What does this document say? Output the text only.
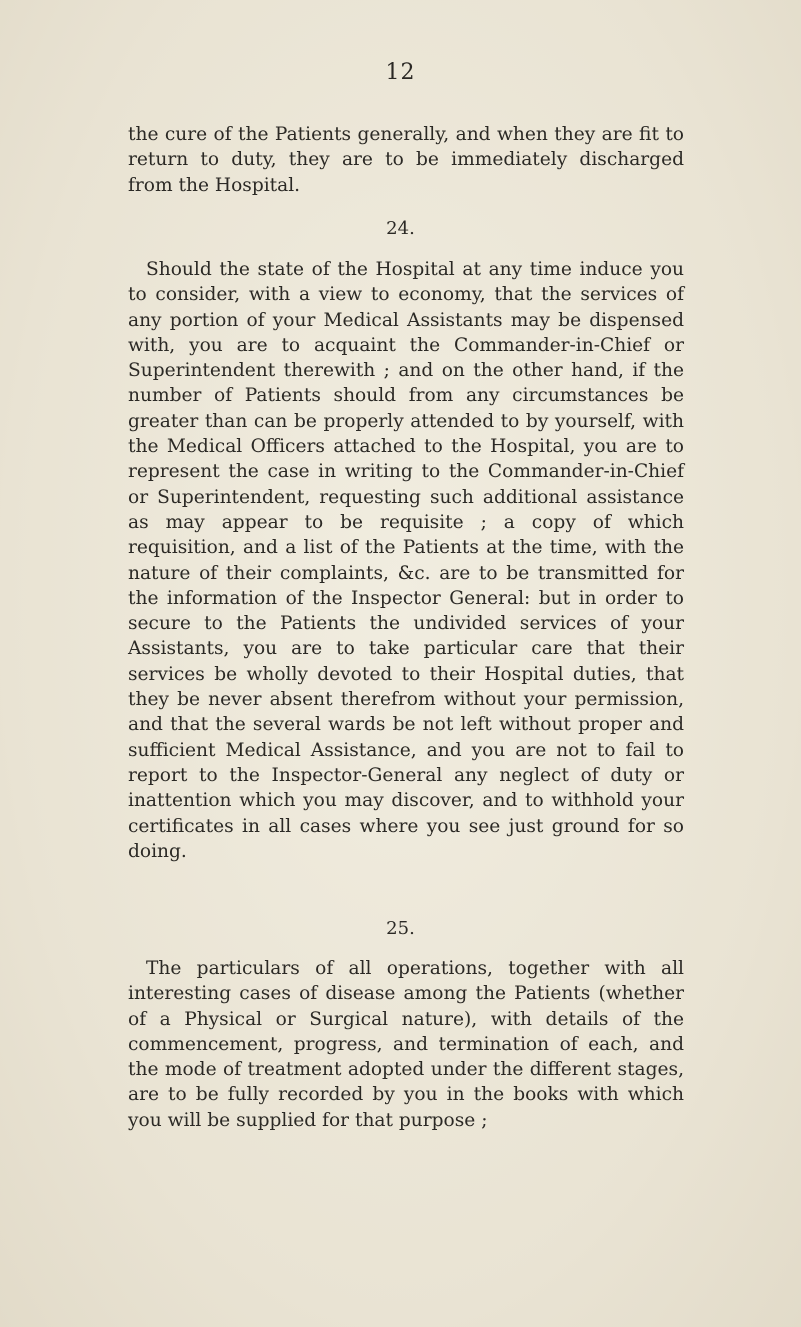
12

the cure of the Patients generally, and when they are fit to return to duty, they are to be immediately discharged from the Hospital.

24.

Should the state of the Hospital at any time induce you to consider, with a view to economy, that the services of any portion of your Medical Assistants may be dispensed with, you are to acquaint the Commander-in-Chief or Superintendent therewith ; and on the other hand, if the number of Patients should from any circumstances be greater than can be properly attended to by yourself, with the Medical Officers attached to the Hospital, you are to represent the case in writing to the Commander-in-Chief or Superintendent, requesting such additional assistance as may appear to be requisite ; a copy of which requisition, and a list of the Patients at the time, with the nature of their complaints, &c. are to be transmitted for the information of the Inspector General: but in order to secure to the Patients the undivided services of your Assistants, you are to take particular care that their services be wholly devoted to their Hospital duties, that they be never absent therefrom without your permission, and that the several wards be not left without proper and sufficient Medical Assistance, and you are not to fail to report to the Inspector-General any neglect of duty or inattention which you may discover, and to withhold your certificates in all cases where you see just ground for so doing.

25.

The particulars of all operations, together with all interesting cases of disease among the Patients (whether of a Physical or Surgical nature), with details of the commencement, progress, and termination of each, and the mode of treatment adopted under the different stages, are to be fully recorded by you in the books with which you will be supplied for that purpose ;
